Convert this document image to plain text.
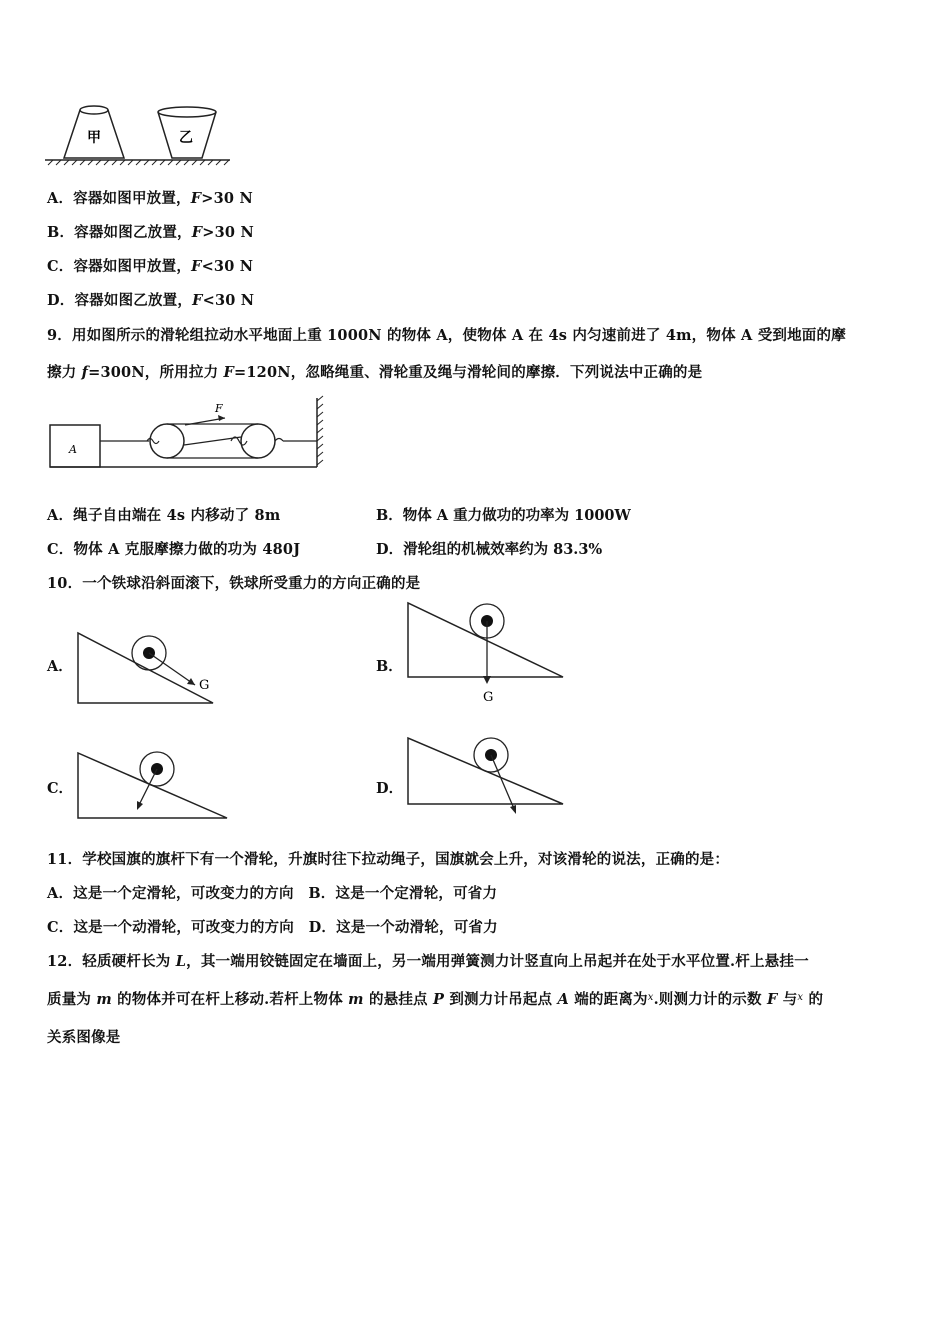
甲	乙
A．容器如图甲放置，F>30 N
B．容器如图乙放置，F>30 N
C．容器如图甲放置，F<30 N
D．容器如图乙放置，F<30 N
9．用如图所示的滑轮组拉动水平地面上重 1000N 的物体 A，使物体 A 在 4s 内匀速前进了 4m，物体 A 受到地面的摩
擦力 f=300N，所用拉力 F=120N，忽略绳重、滑轮重及绳与滑轮间的摩擦．下列说法中正确的是
A
F
A．绳子自由端在 4s 内移动了 8m	B．物体 A 重力做功的功率为 1000W
C．物体 A 克服摩擦力做的功为 480J	D．滑轮组的机械效率约为 83.3%
10．一个铁球沿斜面滚下，铁球所受重力的方向正确的是
A．
G
B．
G
C．	D．
11．学校国旗的旗杆下有一个滑轮，升旗时往下拉动绳子，国旗就会上升，对该滑轮的说法，正确的是：
A．这是一个定滑轮，可改变力的方向　B．这是一个定滑轮，可省力
C．这是一个动滑轮，可改变力的方向　D．这是一个动滑轮，可省力
12．轻质硬杆长为 L，其一端用铰链固定在墙面上，另一端用弹簧测力计竖直向上吊起并在处于水平位置.杆上悬挂一
质量为 m 的物体并可在杆上移动.若杆上物体 m 的悬挂点 P 到测力计吊起点 A 端的距离为$^x$.则测力计的示数 F 与$^x$ 的
关系图像是
